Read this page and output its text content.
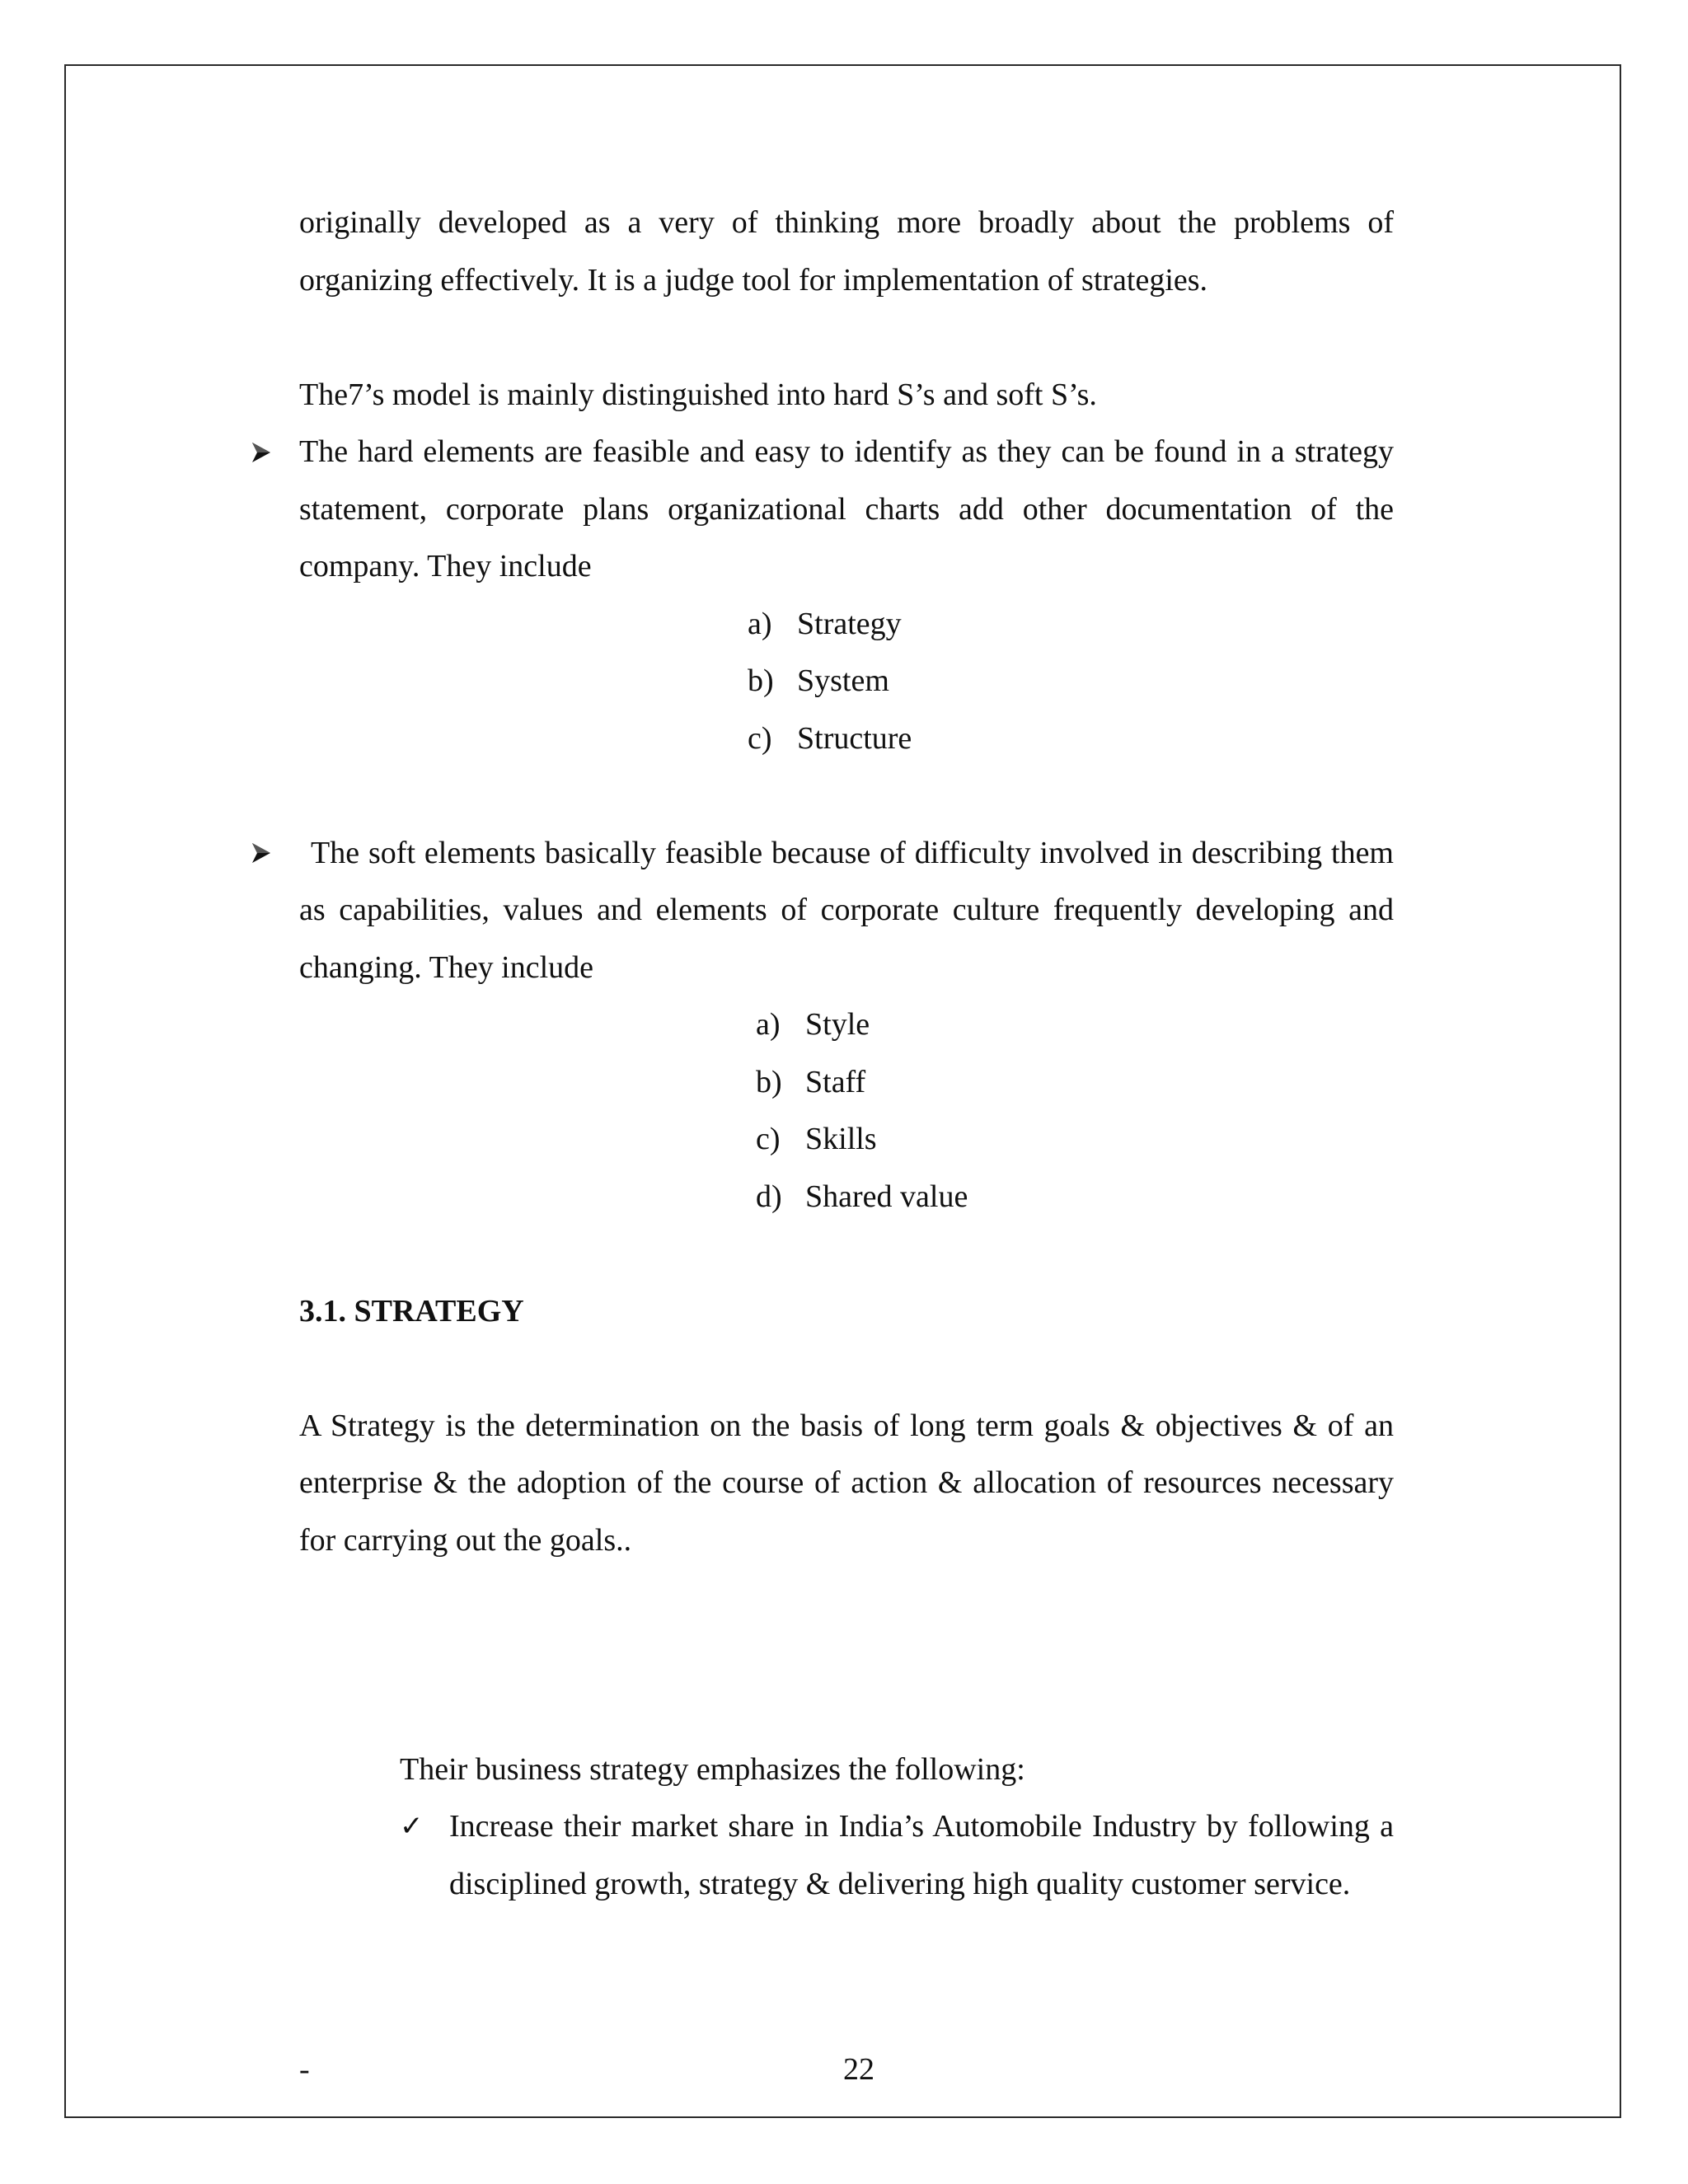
originally developed as a very of thinking more broadly about the problems of organizing effectively. It is a judge tool for implementation of strategies.

The7’s model is mainly distinguished into hard S’s and soft S’s.

The hard elements are feasible and easy to identify as they can be found in a strategy statement, corporate plans organizational charts add other documentation of the company. They include

a) Strategy
b) System
c) Structure

The soft elements basically feasible because of difficulty involved in describing them as capabilities, values and elements of corporate culture frequently developing and changing. They include

a) Style
b) Staff
c) Skills
d) Shared value

3.1. STRATEGY

A Strategy is the determination on the basis of long term goals & objectives & of an enterprise & the adoption of the course of action & allocation of resources necessary for carrying out the goals..

Their business strategy emphasizes the following:

✓ Increase their market share in India’s Automobile Industry by following a disciplined growth, strategy & delivering high quality customer service.

-	22
